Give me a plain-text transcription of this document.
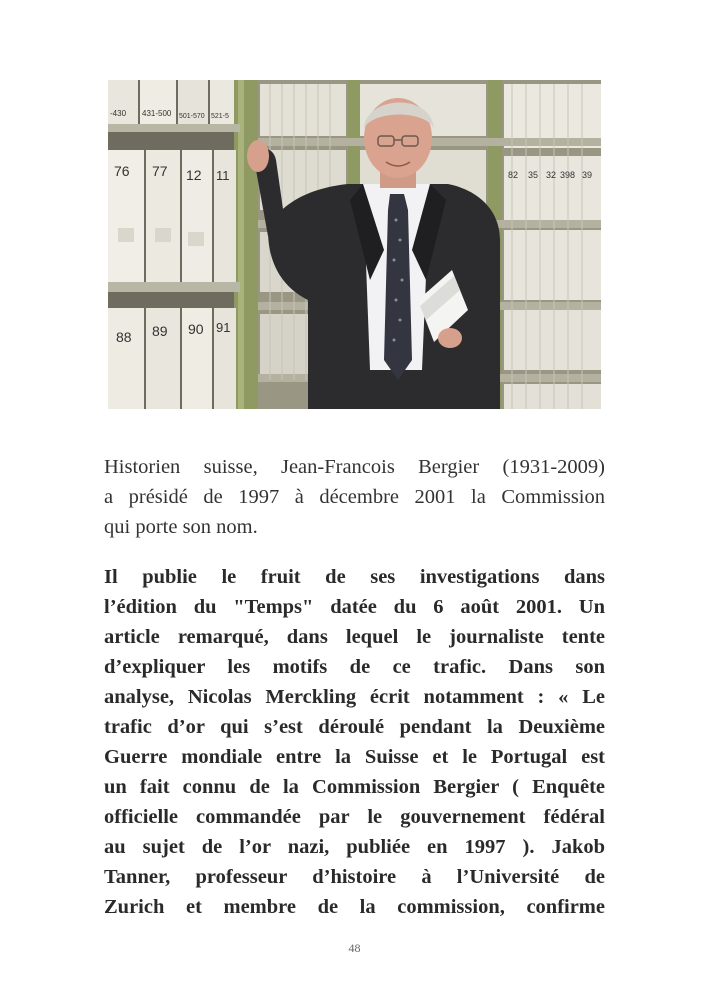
-430 431-500 501-570 521-5
76 77 12 11
88 89 90 91
82 35 32 398 39
Historien suisse, Jean-Francois Bergier (1931-2009)
a présidé de 1997 à décembre 2001 la Commission
qui porte son nom.
Il publie le fruit de ses investigations dans
l’édition du "Temps" datée du 6 août 2001. Un
article remarqué, dans lequel le journaliste tente
d’expliquer les motifs de ce trafic. Dans son
analyse, Nicolas Merckling écrit notamment : « Le
trafic d’or qui s’est déroulé pendant la Deuxième
Guerre mondiale entre la Suisse et le Portugal est
un fait connu de la Commission Bergier ( Enquête
officielle commandée par le gouvernement fédéral
au sujet de l’or nazi, publiée en 1997 ). Jakob
Tanner, professeur d’histoire à l’Université de
Zurich et membre de la commission, confirme
48
